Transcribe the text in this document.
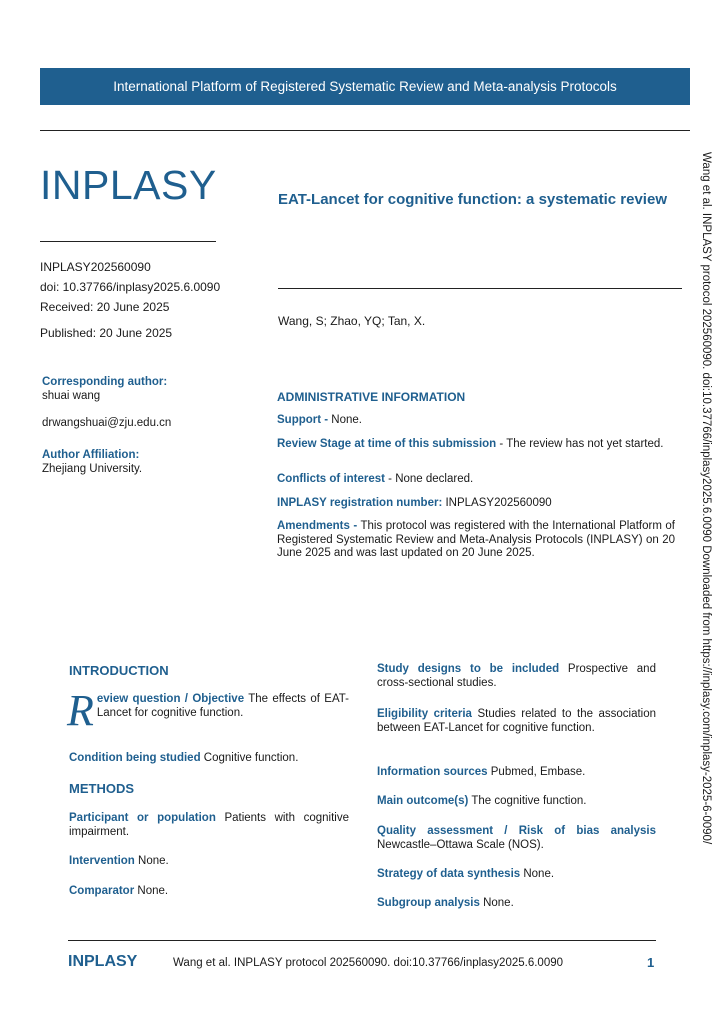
International Platform of Registered Systematic Review and Meta-analysis Protocols
INPLASY
INPLASY202560090
doi: 10.37766/inplasy2025.6.0090
Received: 20 June 2025
Published: 20 June 2025
Corresponding author:
shuai wang
drwangshuai@zju.edu.cn
Author Affiliation:
Zhejiang University.
EAT-Lancet for cognitive function: a systematic review
Wang, S; Zhao, YQ; Tan, X.
ADMINISTRATIVE INFORMATION
Support - None.
Review Stage at time of this submission - The review has not yet started.
Conflicts of interest - None declared.
INPLASY registration number: INPLASY202560090
Amendments - This protocol was registered with the International Platform of Registered Systematic Review and Meta-Analysis Protocols (INPLASY) on 20 June 2025 and was last updated on 20 June 2025.
INTRODUCTION
Review question / Objective The effects of EAT-Lancet for cognitive function.
Condition being studied Cognitive function.
METHODS
Participant or population Patients with cognitive impairment.
Intervention None.
Comparator None.
Study designs to be included Prospective and cross-sectional studies.
Eligibility criteria Studies related to the association between EAT-Lancet for cognitive function.
Information sources Pubmed, Embase.
Main outcome(s) The cognitive function.
Quality assessment / Risk of bias analysis Newcastle–Ottawa Scale (NOS).
Strategy of data synthesis None.
Subgroup analysis None.
Wang et al. INPLASY protocol 202560090. doi:10.37766/inplasy2025.6.0090 Downloaded from https://inplasy.com/inplasy-2025-6-0090/
INPLASY	Wang et al. INPLASY protocol 202560090. doi:10.37766/inplasy2025.6.0090	1
